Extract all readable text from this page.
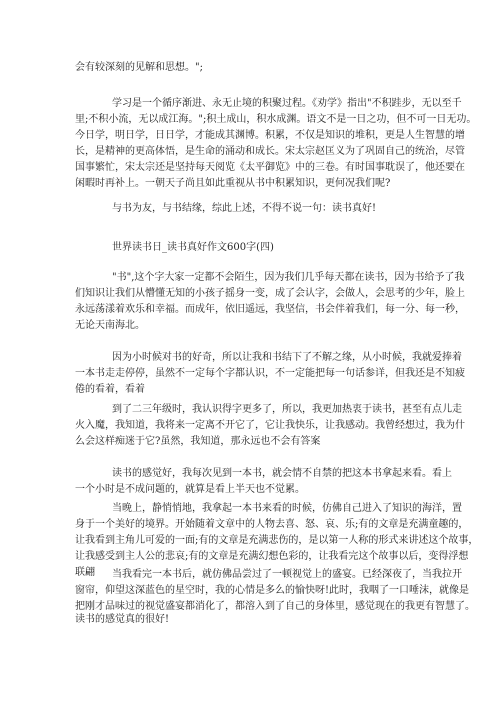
会有较深刻的见解和思想。";
学习是一个循序渐进、永无止境的积聚过程。《劝学》指出"不积跬步，无以至千
里;不积小流，无以成江海。";积土成山，积水成渊。语文不是一日之功，但不可一日无功。
今日学，明日学，日日学，才能成其渊博。积累，不仅是知识的堆积，更是人生智慧的增
长，是精神的更高体悟，是生命的涌动和成长。宋太宗赵匡义为了巩固自己的统治，尽管
国事繁忙，宋太宗还是坚持每天阅览《太平御览》中的三卷。有时国事耽误了，他还要在
闲暇时再补上。一朝天子尚且如此重视从书中积累知识，更何况我们呢?
与书为友，与书结缘，综此上述，不得不说一句：读书真好!
世界读书日_读书真好作文600字(四)
"书",这个字大家一定都不会陌生，因为我们几乎每天都在读书，因为书给予了我
们知识让我们从懵懂无知的小孩子摇身一变，成了会认字，会做人，会思考的少年，脸上
永远荡漾着欢乐和幸福。而成年，依旧遥远，我坚信，书会伴着我们，每一分、每一秒，
无论天南海北。
因为小时候对书的好奇，所以让我和书结下了不解之缘，从小时候，我就爱捧着
一本书走走停停，虽然不一定每个字都认识，不一定能把每一句话参详，但我还是不知疲
倦的看着，看着
到了二三年级时，我认识得字更多了，所以，我更加热衷于读书，甚至有点儿走
火入魔，我知道，我将来一定离不开它了，它让我快乐，让我感动。我曾经想过，我为什
么会这样痴迷于它?虽然，我知道，那永远也不会有答案
读书的感觉好，我每次见到一本书，就会情不自禁的把这本书拿起来看。看上
一个小时是不成问题的，就算是看上半天也不觉累。
当晚上，静悄悄地，我拿起一本书来看的时候，仿佛自己进入了知识的海洋，置
身于一个美好的境界。开始随着文章中的人物去喜、怒、哀、乐;有的文章是充满童趣的，
让我看到主角儿可爱的一面;有的文章是充满悲伤的，是以第一人称的形式来讲述这个故事，
让我感受到主人公的悲哀;有的文章是充满幻想色彩的，让我看完这个故事以后，变得浮想
联翩 当我看完一本书后，就仿佛品尝过了一顿视觉上的盛宴。已经深夜了，当我拉开
窗帘，仰望这深蓝色的星空时，我的心情是多么的愉快呀!此时，我咽了一口唾沫，就像是
把刚才品味过的视觉盛宴都消化了，都溶入到了自己的身体里，感觉现在的我更有智慧了。
读书的感觉真的很好!
